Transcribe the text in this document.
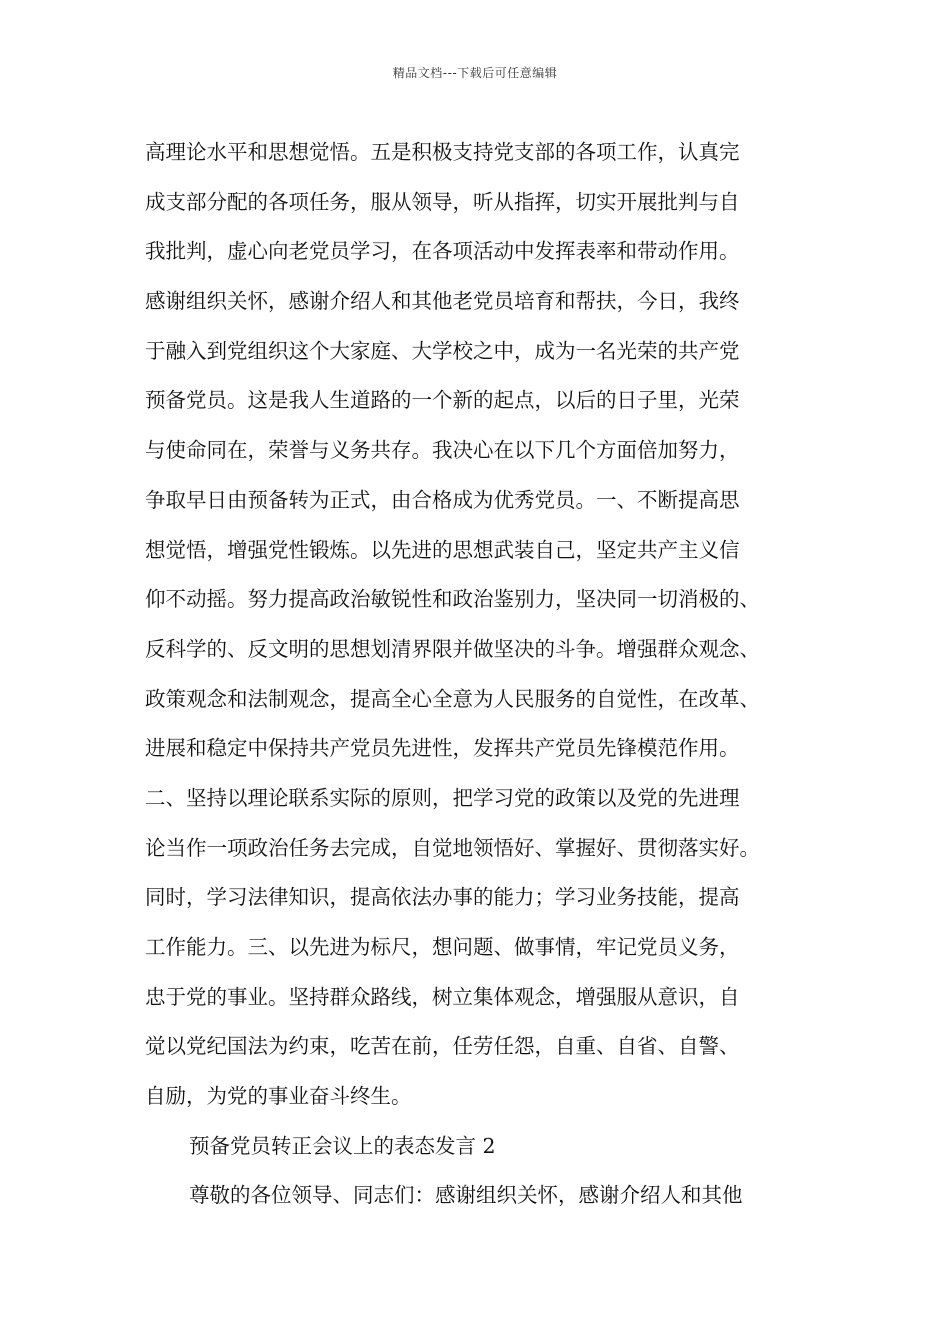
精品文档---下载后可任意编辑
高理论水平和思想觉悟。五是积极支持党支部的各项工作，认真完
成支部分配的各项任务，服从领导，听从指挥，切实开展批判与自
我批判，虚心向老党员学习，在各项活动中发挥表率和带动作用。
感谢组织关怀，感谢介绍人和其他老党员培育和帮扶，今日，我终
于融入到党组织这个大家庭、大学校之中，成为一名光荣的共产党
预备党员。这是我人生道路的一个新的起点，以后的日子里，光荣
与使命同在，荣誉与义务共存。我决心在以下几个方面倍加努力，
争取早日由预备转为正式，由合格成为优秀党员。一、不断提高思
想觉悟，增强党性锻炼。以先进的思想武装自己，坚定共产主义信
仰不动摇。努力提高政治敏锐性和政治鉴别力，坚决同一切消极的、
反科学的、反文明的思想划清界限并做坚决的斗争。增强群众观念、
政策观念和法制观念，提高全心全意为人民服务的自觉性，在改革、
进展和稳定中保持共产党员先进性，发挥共产党员先锋模范作用。
二、坚持以理论联系实际的原则，把学习党的政策以及党的先进理
论当作一项政治任务去完成，自觉地领悟好、掌握好、贯彻落实好。
同时，学习法律知识，提高依法办事的能力；学习业务技能，提高
工作能力。三、以先进为标尺，想问题、做事情，牢记党员义务，
忠于党的事业。坚持群众路线，树立集体观念，增强服从意识，自
觉以党纪国法为约束，吃苦在前，任劳任怨，自重、自省、自警、
自励，为党的事业奋斗终生。
预备党员转正会议上的表态发言 2
尊敬的各位领导、同志们：感谢组织关怀，感谢介绍人和其他
